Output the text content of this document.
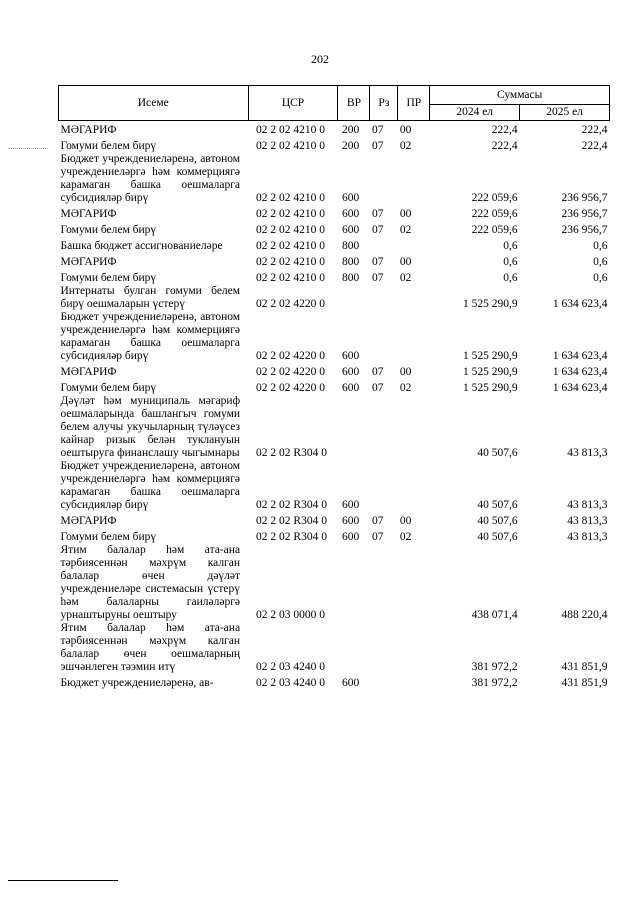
202
Исеме	ЦСР	ВР	Рз	ПР	Суммасы	
					2024 ел	2025 ел
МӘГАРИФ	02 2 02 4210 0	200	07	00	222,4	222,4
Гомуми белем бирү	02 2 02 4210 0	200	07	02	222,4	222,4
Бюджет учреждениеләренә, автоном учреждениеләргә һәм коммерциягә карамаган башка оешмаларга субсидияләр бирү	02 2 02 4210 0	600			222 059,6	236 956,7
МӘГАРИФ	02 2 02 4210 0	600	07	00	222 059,6	236 956,7
Гомуми белем бирү	02 2 02 4210 0	600	07	02	222 059,6	236 956,7
Башка бюджет ассигнованиеләре	02 2 02 4210 0	800			0,6	0,6
МӘГАРИФ	02 2 02 4210 0	800	07	00	0,6	0,6
Гомуми белем бирү	02 2 02 4210 0	800	07	02	0,6	0,6
Интернаты булган гомуми белем бирү оешмаларын үстерү	02 2 02 4220 0				1 525 290,9	1 634 623,4
Бюджет учреждениеләренә, автоном учреждениеләргә һәм коммерциягә карамаган башка оешмаларга субсидияләр бирү	02 2 02 4220 0	600			1 525 290,9	1 634 623,4
МӘГАРИФ	02 2 02 4220 0	600	07	00	1 525 290,9	1 634 623,4
Гомуми белем бирү	02 2 02 4220 0	600	07	02	1 525 290,9	1 634 623,4
Дәүләт һәм муниципаль мәгариф оешмаларында башлангыч гомуми белем алучы укучыларның түләүсез кайнар ризык белән туклануын оештыруга финанслашу чыгымнары	02 2 02 R304 0				40 507,6	43 813,3
Бюджет учреждениеләренә, автоном учреждениеләргә һәм коммерциягә карамаган башка оешмаларга субсидияләр бирү	02 2 02 R304 0	600			40 507,6	43 813,3
МӘГАРИФ	02 2 02 R304 0	600	07	00	40 507,6	43 813,3
Гомуми белем бирү	02 2 02 R304 0	600	07	02	40 507,6	43 813,3
Ятим балалар һәм ата-ана тәрбиясеннән мәхрүм калган балалар өчен дәүләт учреждениеләре системасын үстерү һәм балаларны гаиләләргә урнаштыруны оештыру	02 2 03 0000 0				438 071,4	488 220,4
Ятим балалар һәм ата-ана тәрбиясеннән мәхрүм калган балалар өчен оешмаларның эшчәнлеген тәэмин итү	02 2 03 4240 0				381 972,2	431 851,9
Бюджет учреждениеләренә, ав-	02 2 03 4240 0	600			381 972,2	431 851,9
